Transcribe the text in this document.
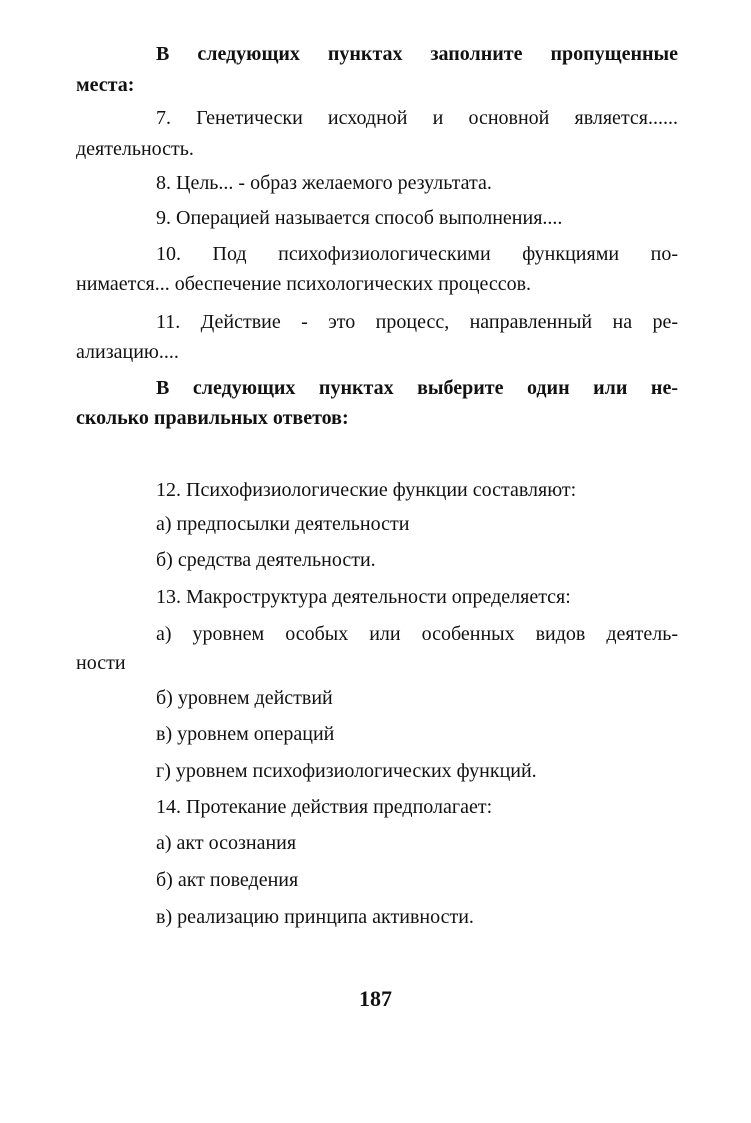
В следующих пунктах заполните пропущенные
места:
7. Генетически исходной и основной является......
деятельность.
8. Цель... - образ желаемого результата.
9. Операцией называется способ выполнения....
10. Под психофизиологическими функциями по-
нимается... обеспечение психологических процессов.
11. Действие - это процесс, направленный на ре-
ализацию....
В следующих пунктах выберите один или не-
сколько правильных ответов:
12. Психофизиологические функции составляют:
а) предпосылки деятельности
б) средства деятельности.
13. Макроструктура деятельности определяется:
а) уровнем особых или особенных видов деятель-
ности
б) уровнем действий
в) уровнем операций
г) уровнем психофизиологических функций.
14. Протекание действия предполагает:
а) акт осознания
б) акт поведения
в) реализацию принципа активности.
187
